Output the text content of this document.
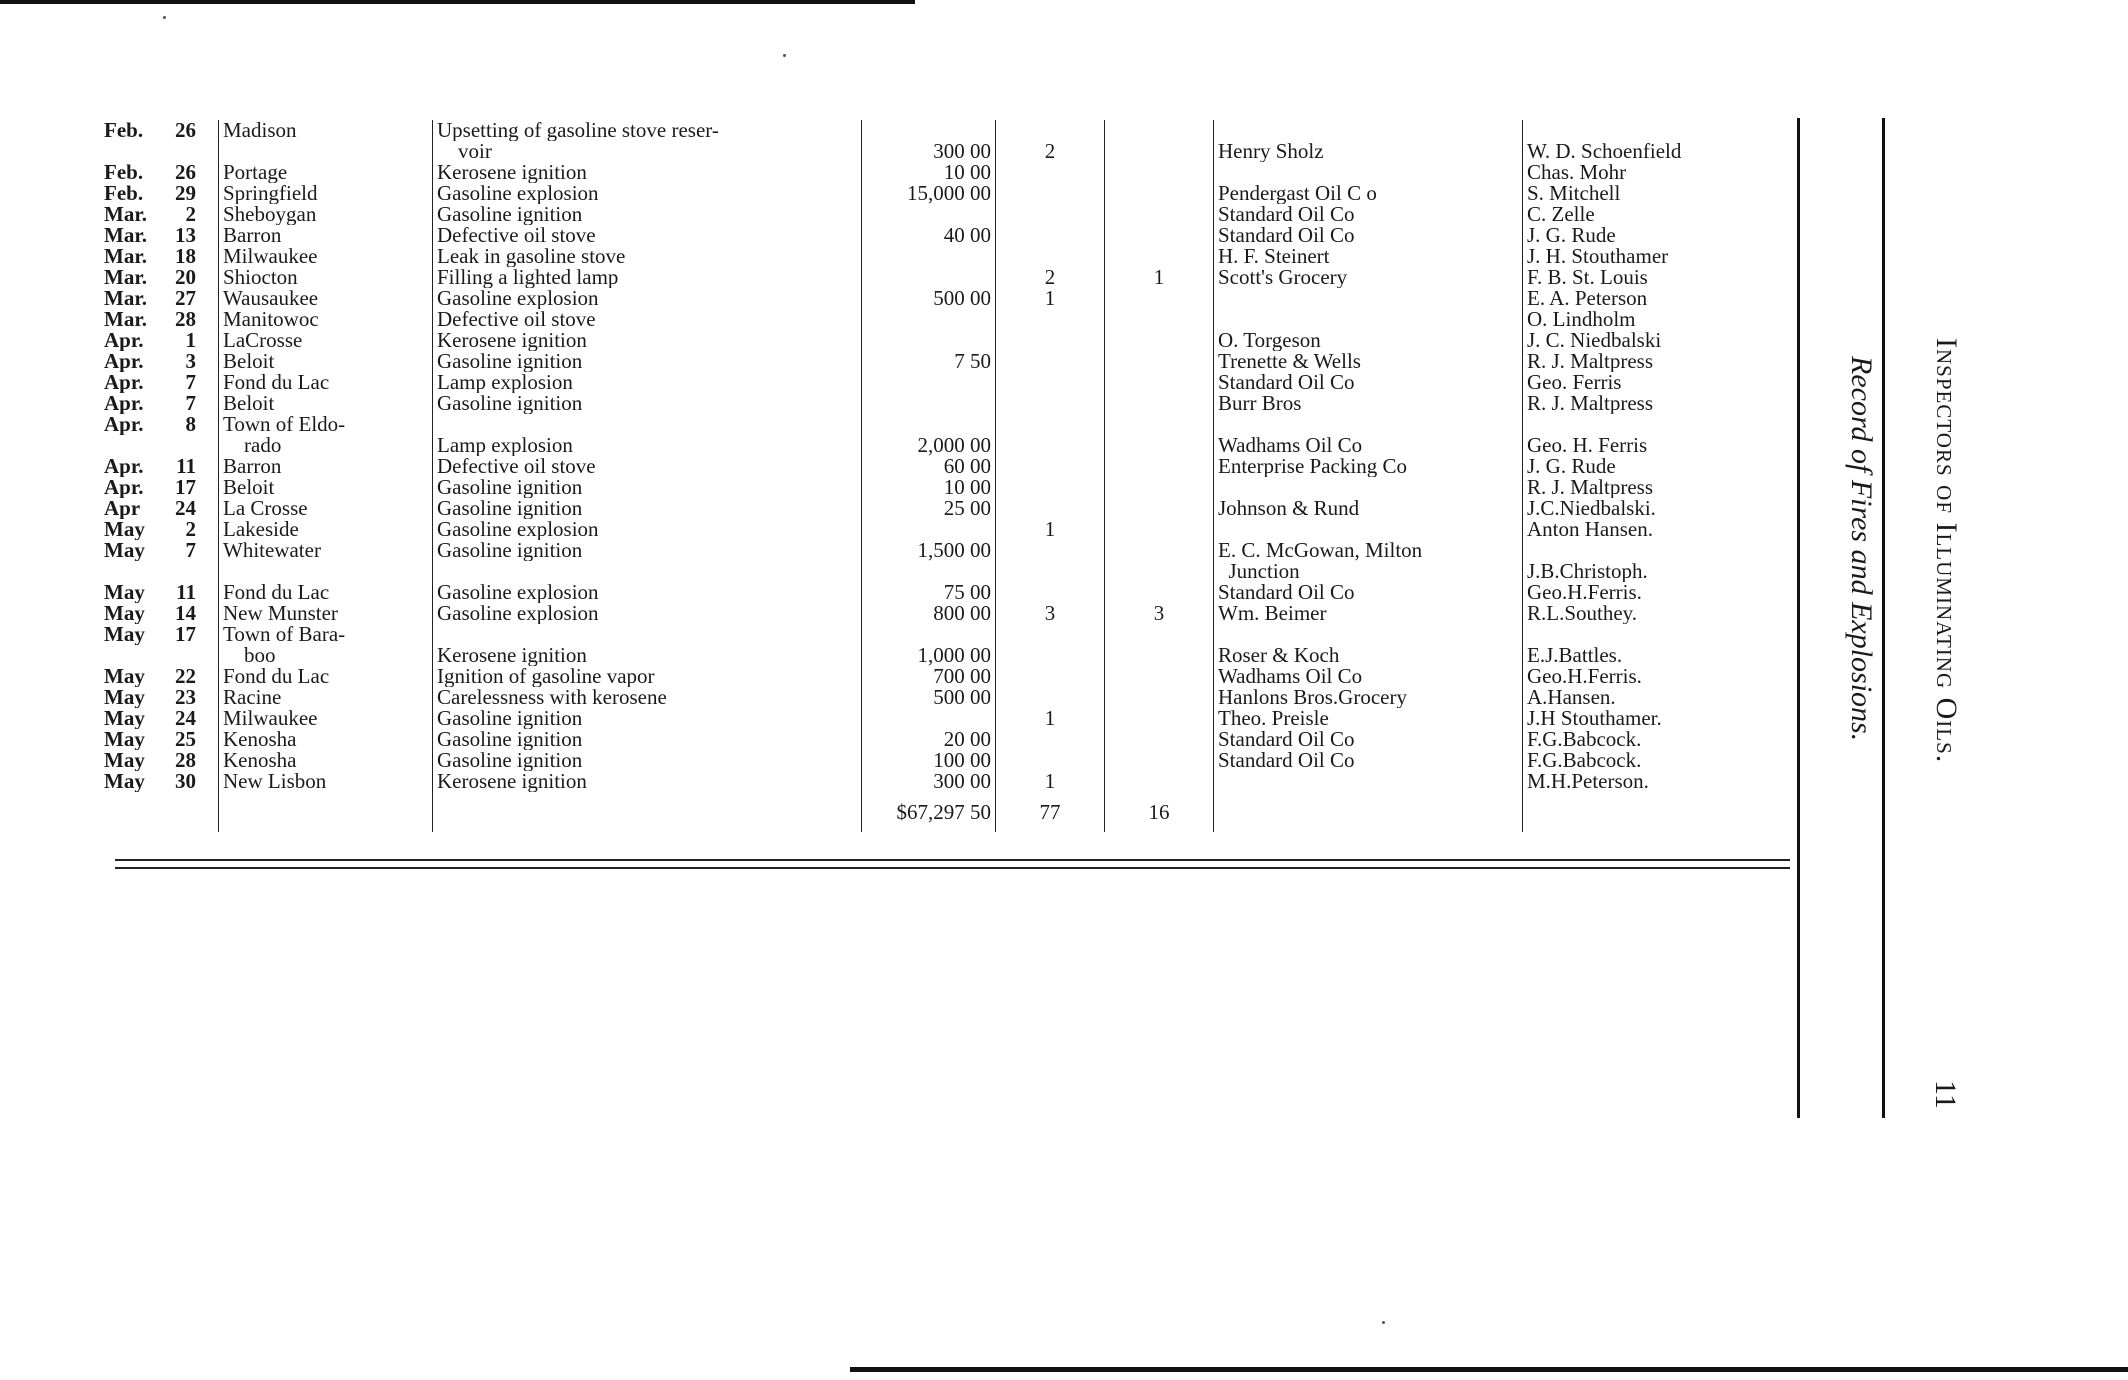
Feb. 26	Madison	Upsetting of gasoline stove reser-					
		voir	300 00	2		Henry Sholz	W. D. Schoenfield
Feb. 26	Portage	Kerosene ignition	10 00				Chas. Mohr
Feb. 29	Springfield	Gasoline explosion	15,000 00			Pendergast Oil C o	S. Mitchell
Mar. 2	Sheboygan	Gasoline ignition				Standard Oil Co	C. Zelle
Mar. 13	Barron	Defective oil stove	40 00			Standard Oil Co	J. G. Rude
Mar. 18	Milwaukee	Leak in gasoline stove				H. F. Steinert	J. H. Stouthamer
Mar. 20	Shiocton	Filling a lighted lamp		2	1	Scott's Grocery	F. B. St. Louis
Mar. 27	Wausaukee	Gasoline explosion	500 00	1			E. A. Peterson
Mar. 28	Manitowoc	Defective oil stove					O. Lindholm
Apr. 1	LaCrosse	Kerosene ignition				O. Torgeson	J. C. Niedbalski
Apr. 3	Beloit	Gasoline ignition	7 50			Trenette & Wells	R. J. Maltpress
Apr. 7	Fond du Lac	Lamp explosion				Standard Oil Co	Geo. Ferris
Apr. 7	Beloit	Gasoline ignition				Burr Bros	R. J. Maltpress
Apr. 8	Town of Eldo-						
	rado	Lamp explosion	2,000 00			Wadhams Oil Co	Geo. H. Ferris
Apr. 11	Barron	Defective oil stove	60 00			Enterprise Packing Co	J. G. Rude
Apr. 17	Beloit	Gasoline ignition	10 00				R. J. Maltpress
Apr 24	La Crosse	Gasoline ignition	25 00			Johnson & Rund	J.C.Niedbalski.
May 2	Lakeside	Gasoline explosion		1			Anton Hansen.
May 7	Whitewater	Gasoline ignition	1,500 00			E. C. McGowan, Milton	
						Junction	J.B.Christoph.
May 11	Fond du Lac	Gasoline explosion	75 00			Standard Oil Co	Geo.H.Ferris.
May 14	New Munster	Gasoline explosion	800 00	3	3	Wm. Beimer	R.L.Southey.
May 17	Town of Bara-						
	boo	Kerosene ignition	1,000 00			Roser & Koch	E.J.Battles.
May 22	Fond du Lac	Ignition of gasoline vapor	700 00			Wadhams Oil Co	Geo.H.Ferris.
May 23	Racine	Carelessness with kerosene	500 00			Hanlons Bros.Grocery	A.Hansen.
May 24	Milwaukee	Gasoline ignition		1		Theo. Preisle	J.H Stouthamer.
May 25	Kenosha	Gasoline ignition	20 00			Standard Oil Co	F.G.Babcock.
May 28	Kenosha	Gasoline ignition	100 00			Standard Oil Co	F.G.Babcock.
May 30	New Lisbon	Kerosene ignition	300 00	1			M.H.Peterson.
			$67,297 50	77	16		
Inspectors of Illuminating Oils.
Record of Fires and Explosions.
11
